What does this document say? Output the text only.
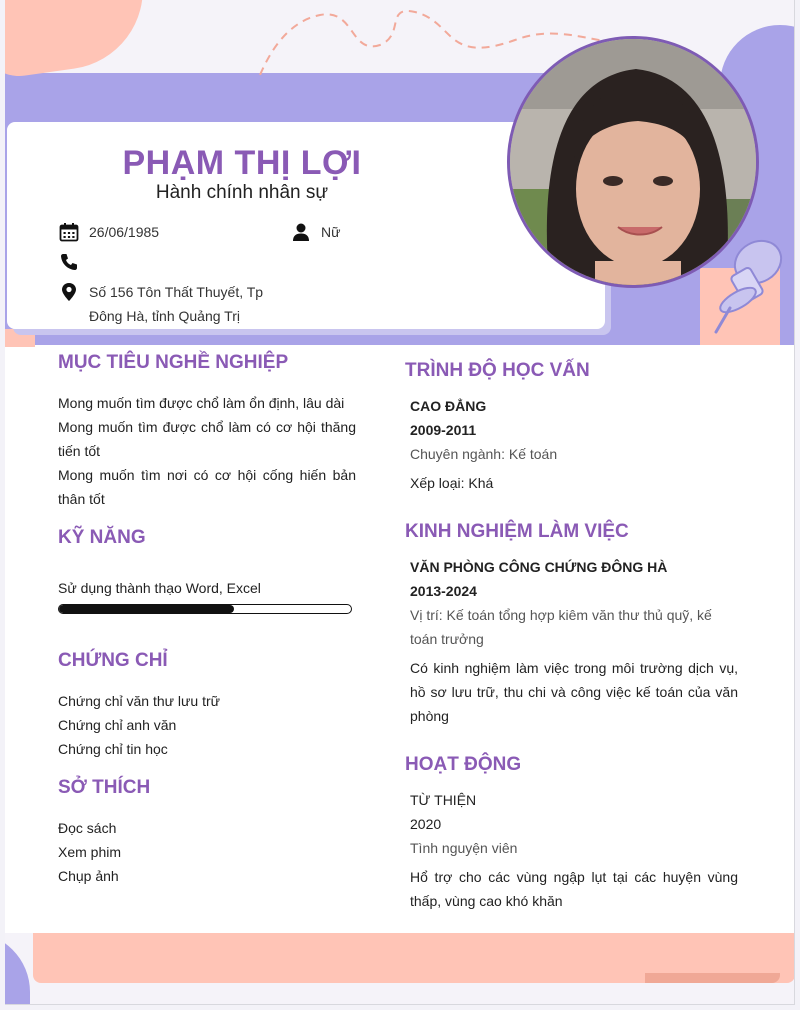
PHẠM THỊ LỢI
Hành chính nhân sự
26/06/1985	Nữ
Số 156 Tôn Thất Thuyết, Tp
Đông Hà, tỉnh Quảng Trị
MỤC TIÊU NGHỀ NGHIỆP
Mong muốn tìm được chổ làm ổn định, lâu dài
Mong muốn tìm được chổ làm có cơ hội thăng tiến tốt
Mong muốn tìm nơi có cơ hội cống hiến bản thân tốt
KỸ NĂNG
Sử dụng thành thạo Word, Excel
CHỨNG CHỈ
Chứng chỉ văn thư lưu trữ
Chứng chỉ anh văn
Chứng chỉ tin học
SỞ THÍCH
Đọc sách
Xem phim
Chụp ảnh
TRÌNH ĐỘ HỌC VẤN
CAO ĐẲNG
2009-2011
Chuyên ngành: Kế toán
Xếp loại: Khá
KINH NGHIỆM LÀM VIỆC
VĂN PHÒNG CÔNG CHỨNG ĐÔNG HÀ
2013-2024
Vị trí: Kế toán tổng hợp kiêm văn thư thủ quỹ, kế toán trưởng
Có kinh nghiệm làm việc trong môi trường dịch vụ, hồ sơ lưu trữ, thu chi và công việc kế toán của văn phòng
HOẠT ĐỘNG
TỪ THIỆN
2020
Tình nguyện viên
Hổ trợ cho các vùng ngập lụt tại các huyện vùng thấp, vùng cao khó khăn
